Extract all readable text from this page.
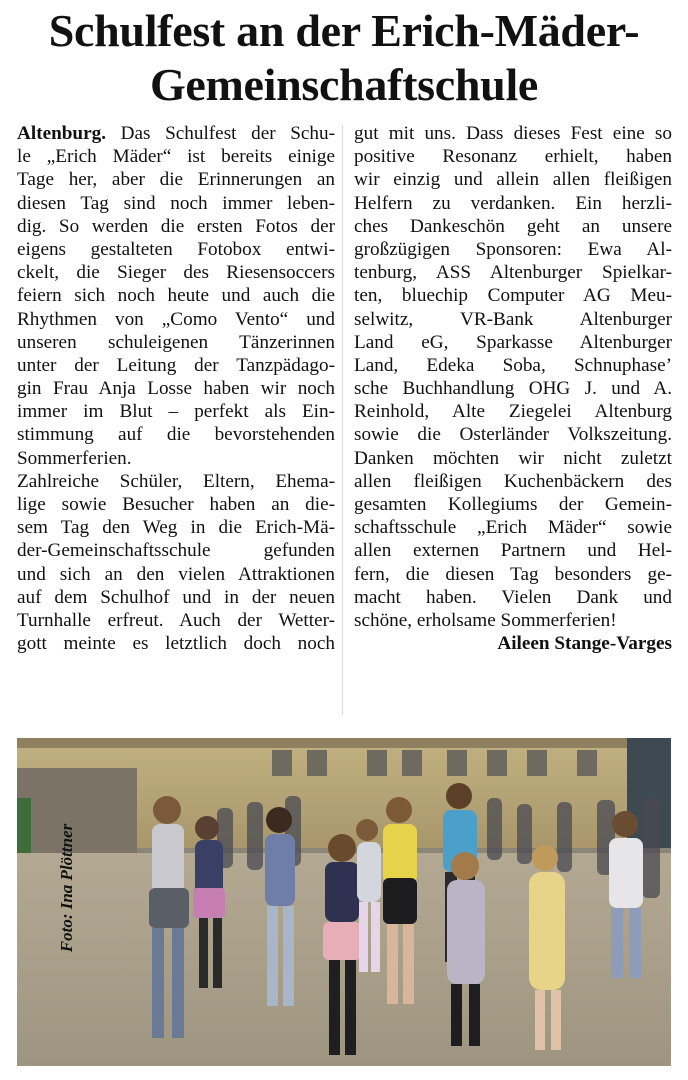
Schulfest an der Erich-Mäder-
Gemeinschaftschule
Altenburg. Das Schulfest der Schu-
le „Erich Mäder“ ist bereits einige
Tage her, aber die Erinnerungen an
diesen Tag sind noch immer leben-
dig. So werden die ersten Fotos der
eigens gestalteten Fotobox entwi-
ckelt, die Sieger des Riesensoccers
feiern sich noch heute und auch die
Rhythmen von „Como Vento“ und
unseren schuleigenen Tänzerinnen
unter der Leitung der Tanzpädago-
gin Frau Anja Losse haben wir noch
immer im Blut – perfekt als Ein-
stimmung auf die bevorstehenden
Sommerferien.
Zahlreiche Schüler, Eltern, Ehema-
lige sowie Besucher haben an die-
sem Tag den Weg in die Erich-Mä-
der-Gemeinschaftsschule gefunden
und sich an den vielen Attraktionen
auf dem Schulhof und in der neuen
Turnhalle erfreut. Auch der Wetter-
gott meinte es letztlich doch noch
gut mit uns. Dass dieses Fest eine so
positive Resonanz erhielt, haben
wir einzig und allein allen fleißigen
Helfern zu verdanken. Ein herzli-
ches Dankeschön geht an unsere
großzügigen Sponsoren: Ewa Al-
tenburg, ASS Altenburger Spielkar-
ten, bluechip Computer AG Meu-
selwitz, VR-Bank Altenburger
Land eG, Sparkasse Altenburger
Land, Edeka Soba, Schnuphase’
sche Buchhandlung OHG J. und A.
Reinhold, Alte Ziegelei Altenburg
sowie die Osterländer Volkszeitung.
Danken möchten wir nicht zuletzt
allen fleißigen Kuchenbäckern des
gesamten Kollegiums der Gemein-
schaftsschule „Erich Mäder“ sowie
allen externen Partnern und Hel-
fern, die diesen Tag besonders ge-
macht haben. Vielen Dank und
schöne, erholsame Sommerferien!
Aileen Stange-Varges
Foto: Ina Plöttner
